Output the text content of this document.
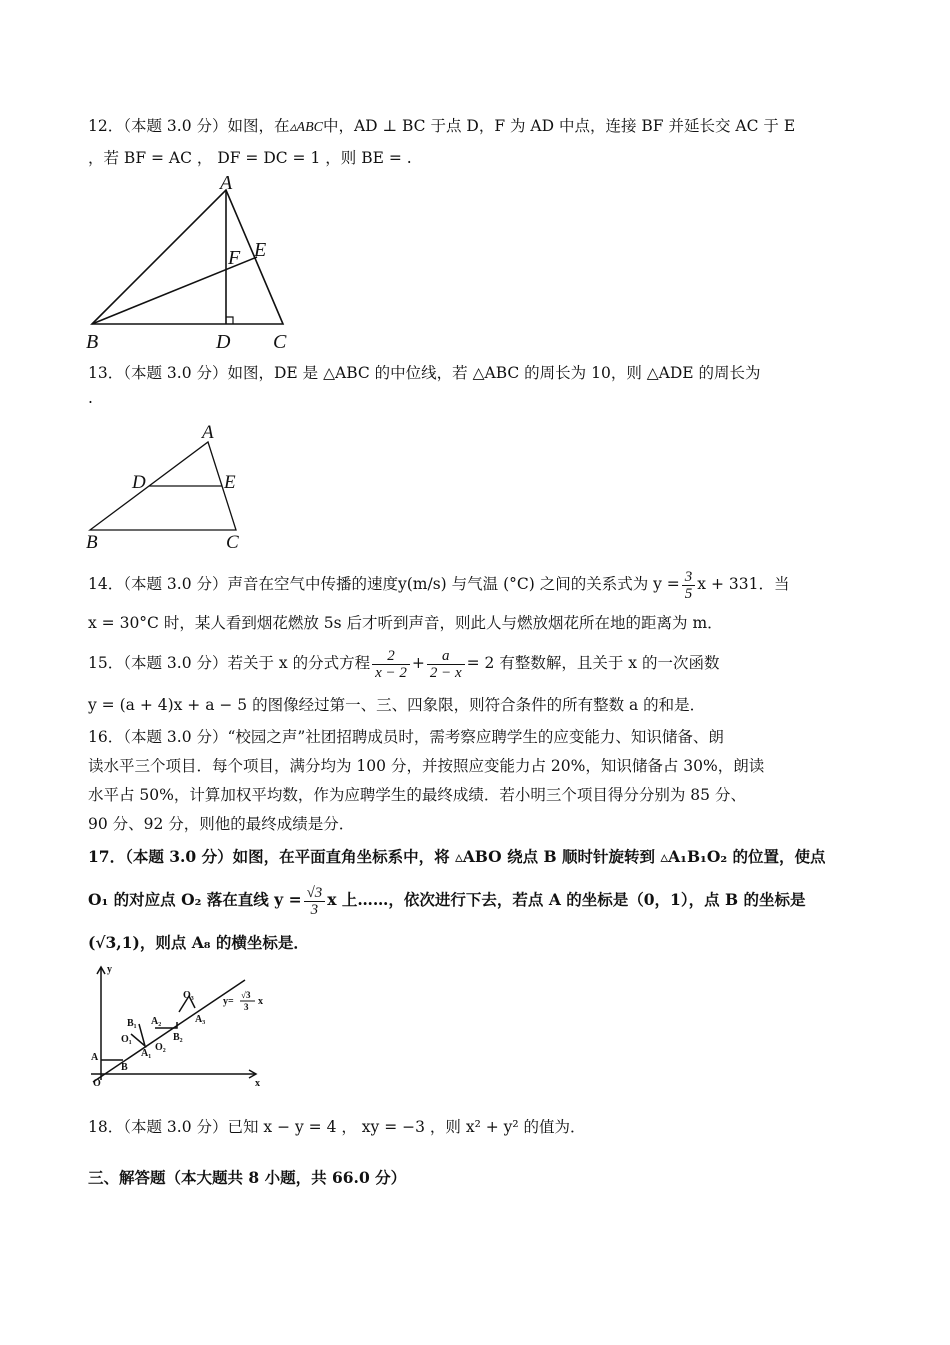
12．（本题 3.0 分）如图，在▵ABC中，AD ⊥ BC 于点 D，F 为 AD 中点，连接 BF 并延长交 AC 于 E
，若 BF = AC ， DF = DC = 1 ，则 BE = .
A
B	D C
F E
13．（本题 3.0 分）如图，DE 是 △ABC 的中位线，若 △ABC 的周长为 10，则 △ADE 的周长为
.
A
D	E
B	C
14．（本题 3.0 分）声音在空气中传播的速度y(m/s) 与气温 (°C) 之间的关系式为 $y = \frac{3}{5}$ x + 331．当
x = 30°C 时，某人看到烟花燃放 5s 后才听到声音，则此人与燃放烟花所在地的距离为 m．
15．（本题 3.0 分）若关于 x 的分式方程 $\frac{2}{x - 2} + \frac{a}{2 - x} = 2$ 有整数解，且关于 x 的一次函数
y = (a + 4)x + a − 5 的图像经过第一、三、四象限，则符合条件的所有整数 a 的和是．
16．（本题 3.0 分）“校园之声”社团招聘成员时，需考察应聘学生的应变能力、知识储备、朗
读水平三个项目．每个项目，满分均为 100 分，并按照应变能力占 20%，知识储备占 30%，朗读
水平占 50%，计算加权平均数，作为应聘学生的最终成绩．若小明三个项目得分分别为 85 分、
90 分、92 分，则他的最终成绩是分．
17．（本题 3.0 分）如图，在平面直角坐标系中，将 ▵ABO 绕点 B 顺时针旋转到 ▵A₁B₁O₂ 的位置，使点
O₁ 的对应点 O₂ 落在直线 $y = \frac{√3}{3}$ x 上……，依次进行下去，若点 A 的坐标是（0，1），点 B 的坐标是
(√3,1)，则点 A₈ 的横坐标是．
y
x
O
A
B
O₁
B₁
A₁
A₂
O₂
B₂
O₃
A₃
y=
√3
3 x
18．（本题 3.0 分）已知 x − y = 4 ， xy = −3 ，则 x² + y² 的值为．
三、解答题（本大题共 8 小题，共 66.0 分）
